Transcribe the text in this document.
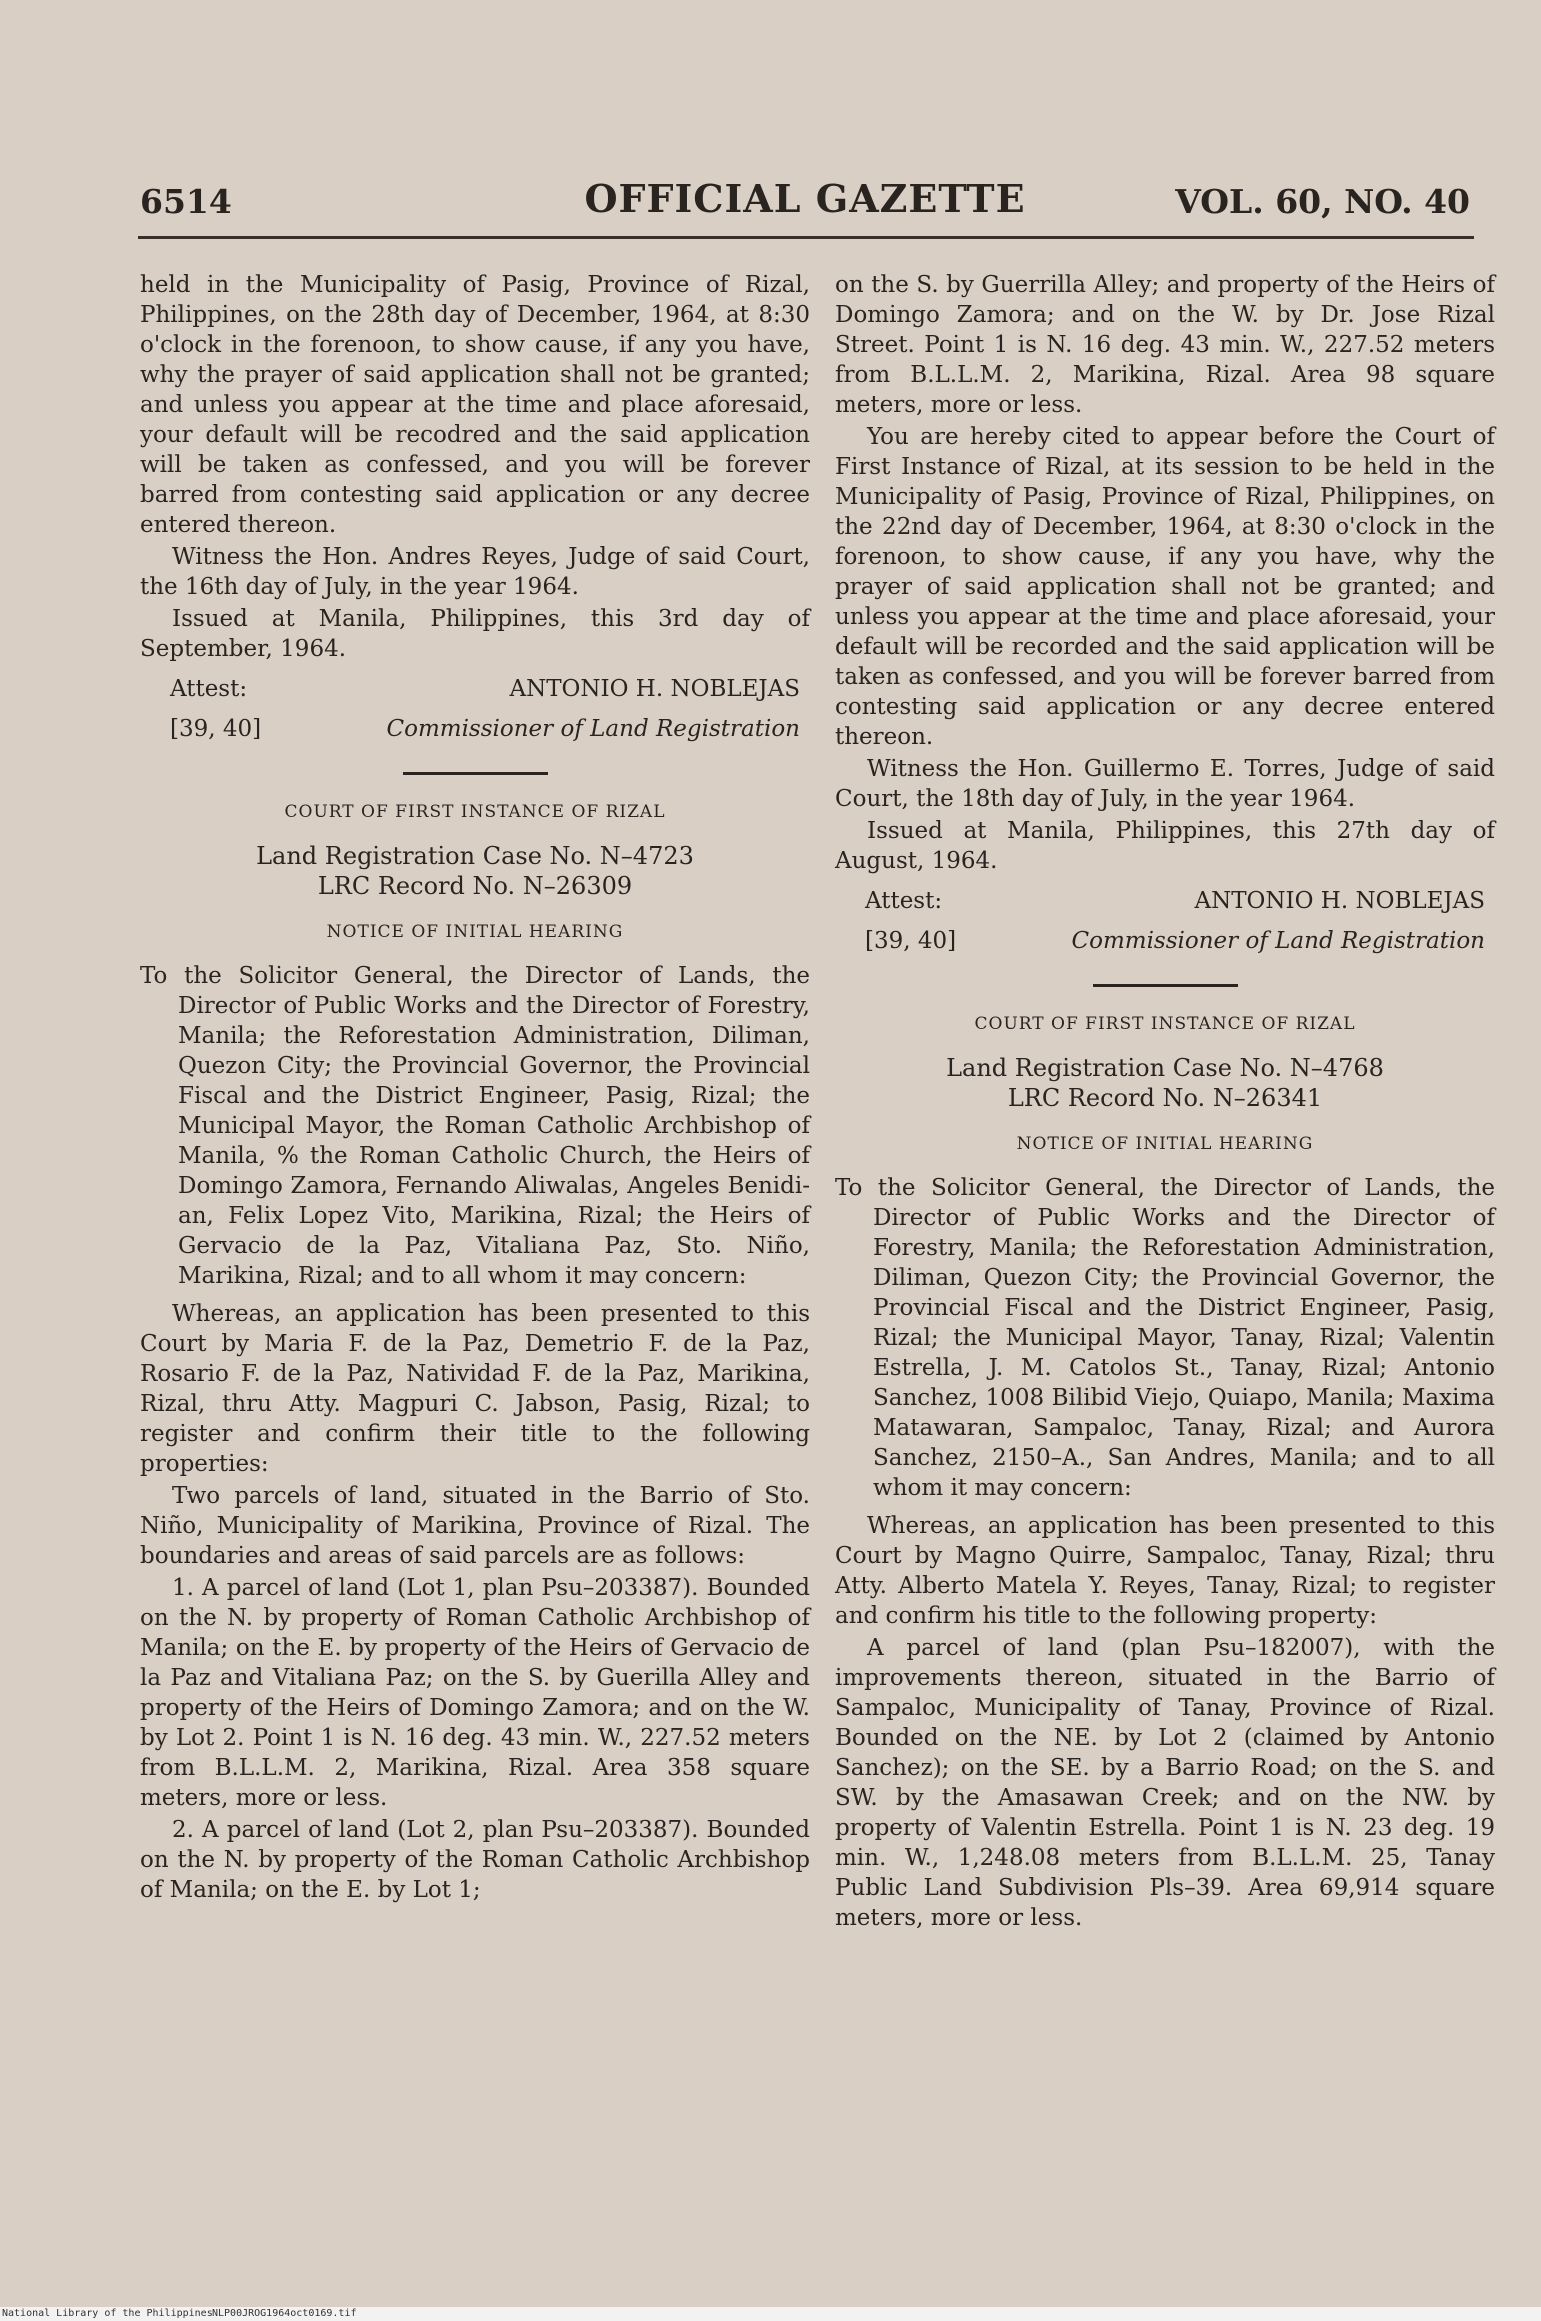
6514	OFFICIAL GAZETTE	VOL. 60, NO. 40

held in the Municipality of Pasig, Province of Rizal, Philippines, on the 28th day of December, 1964, at 8:30 o'clock in the forenoon, to show cause, if any you have, why the prayer of said application shall not be granted; and unless you appear at the time and place aforesaid, your default will be recodred and the said application will be taken as confessed, and you will be forever barred from contesting said application or any decree entered thereon.

Witness the Hon. Andres Reyes, Judge of said Court, the 16th day of July, in the year 1964.

Issued at Manila, Philippines, this 3rd day of September, 1964.

Attest:	ANTONIO H. NOBLEJAS
[39, 40]	Commissioner of Land Registration

COURT OF FIRST INSTANCE OF RIZAL

Land Registration Case No. N–4723

LRC Record No. N–26309

NOTICE OF INITIAL HEARING

To the Solicitor General, the Director of Lands, the Director of Public Works and the Director of Forestry, Manila; the Reforestation Administration, Diliman, Quezon City; the Provincial Governor, the Provincial Fiscal and the District Engineer, Pasig, Rizal; the Municipal Mayor, the Roman Catholic Archbishop of Manila, % the Roman Catholic Church, the Heirs of Domingo Zamora, Fernando Aliwalas, Angeles Benidi-an, Felix Lopez Vito, Marikina, Rizal; the Heirs of Gervacio de la Paz, Vitaliana Paz, Sto. Niño, Marikina, Rizal; and to all whom it may concern:

Whereas, an application has been presented to this Court by Maria F. de la Paz, Demetrio F. de la Paz, Rosario F. de la Paz, Natividad F. de la Paz, Marikina, Rizal, thru Atty. Magpuri C. Jabson, Pasig, Rizal; to register and confirm their title to the following properties:

Two parcels of land, situated in the Barrio of Sto. Niño, Municipality of Marikina, Province of Rizal. The boundaries and areas of said parcels are as follows:

1. A parcel of land (Lot 1, plan Psu–203387). Bounded on the N. by property of Roman Catholic Archbishop of Manila; on the E. by property of the Heirs of Gervacio de la Paz and Vitaliana Paz; on the S. by Guerilla Alley and property of the Heirs of Domingo Zamora; and on the W. by Lot 2. Point 1 is N. 16 deg. 43 min. W., 227.52 meters from B.L.L.M. 2, Marikina, Rizal. Area 358 square meters, more or less.

2. A parcel of land (Lot 2, plan Psu–203387). Bounded on the N. by property of the Roman Catholic Archbishop of Manila; on the E. by Lot 1;

on the S. by Guerrilla Alley; and property of the Heirs of Domingo Zamora; and on the W. by Dr. Jose Rizal Street. Point 1 is N. 16 deg. 43 min. W., 227.52 meters from B.L.L.M. 2, Marikina, Rizal. Area 98 square meters, more or less.

You are hereby cited to appear before the Court of First Instance of Rizal, at its session to be held in the Municipality of Pasig, Province of Rizal, Philippines, on the 22nd day of December, 1964, at 8:30 o'clock in the forenoon, to show cause, if any you have, why the prayer of said application shall not be granted; and unless you appear at the time and place aforesaid, your default will be recorded and the said application will be taken as confessed, and you will be forever barred from contesting said application or any decree entered thereon.

Witness the Hon. Guillermo E. Torres, Judge of said Court, the 18th day of July, in the year 1964.

Issued at Manila, Philippines, this 27th day of August, 1964.

Attest:	ANTONIO H. NOBLEJAS
[39, 40]	Commissioner of Land Registration

COURT OF FIRST INSTANCE OF RIZAL

Land Registration Case No. N–4768

LRC Record No. N–26341

NOTICE OF INITIAL HEARING

To the Solicitor General, the Director of Lands, the Director of Public Works and the Director of Forestry, Manila; the Reforestation Administration, Diliman, Quezon City; the Provincial Governor, the Provincial Fiscal and the District Engineer, Pasig, Rizal; the Municipal Mayor, Tanay, Rizal; Valentin Estrella, J. M. Catolos St., Tanay, Rizal; Antonio Sanchez, 1008 Bilibid Viejo, Quiapo, Manila; Maxima Matawaran, Sampaloc, Tanay, Rizal; and Aurora Sanchez, 2150–A., San Andres, Manila; and to all whom it may concern:

Whereas, an application has been presented to this Court by Magno Quirre, Sampaloc, Tanay, Rizal; thru Atty. Alberto Matela Y. Reyes, Tanay, Rizal; to register and confirm his title to the following property:

A parcel of land (plan Psu–182007), with the improvements thereon, situated in the Barrio of Sampaloc, Municipality of Tanay, Province of Rizal. Bounded on the NE. by Lot 2 (claimed by Antonio Sanchez); on the SE. by a Barrio Road; on the S. and SW. by the Amasawan Creek; and on the NW. by property of Valentin Estrella. Point 1 is N. 23 deg. 19 min. W., 1,248.08 meters from B.L.L.M. 25, Tanay Public Land Subdivision Pls–39. Area 69,914 square meters, more or less.

National Library of the Philippines NLP00JROG1964oct0169.tif
